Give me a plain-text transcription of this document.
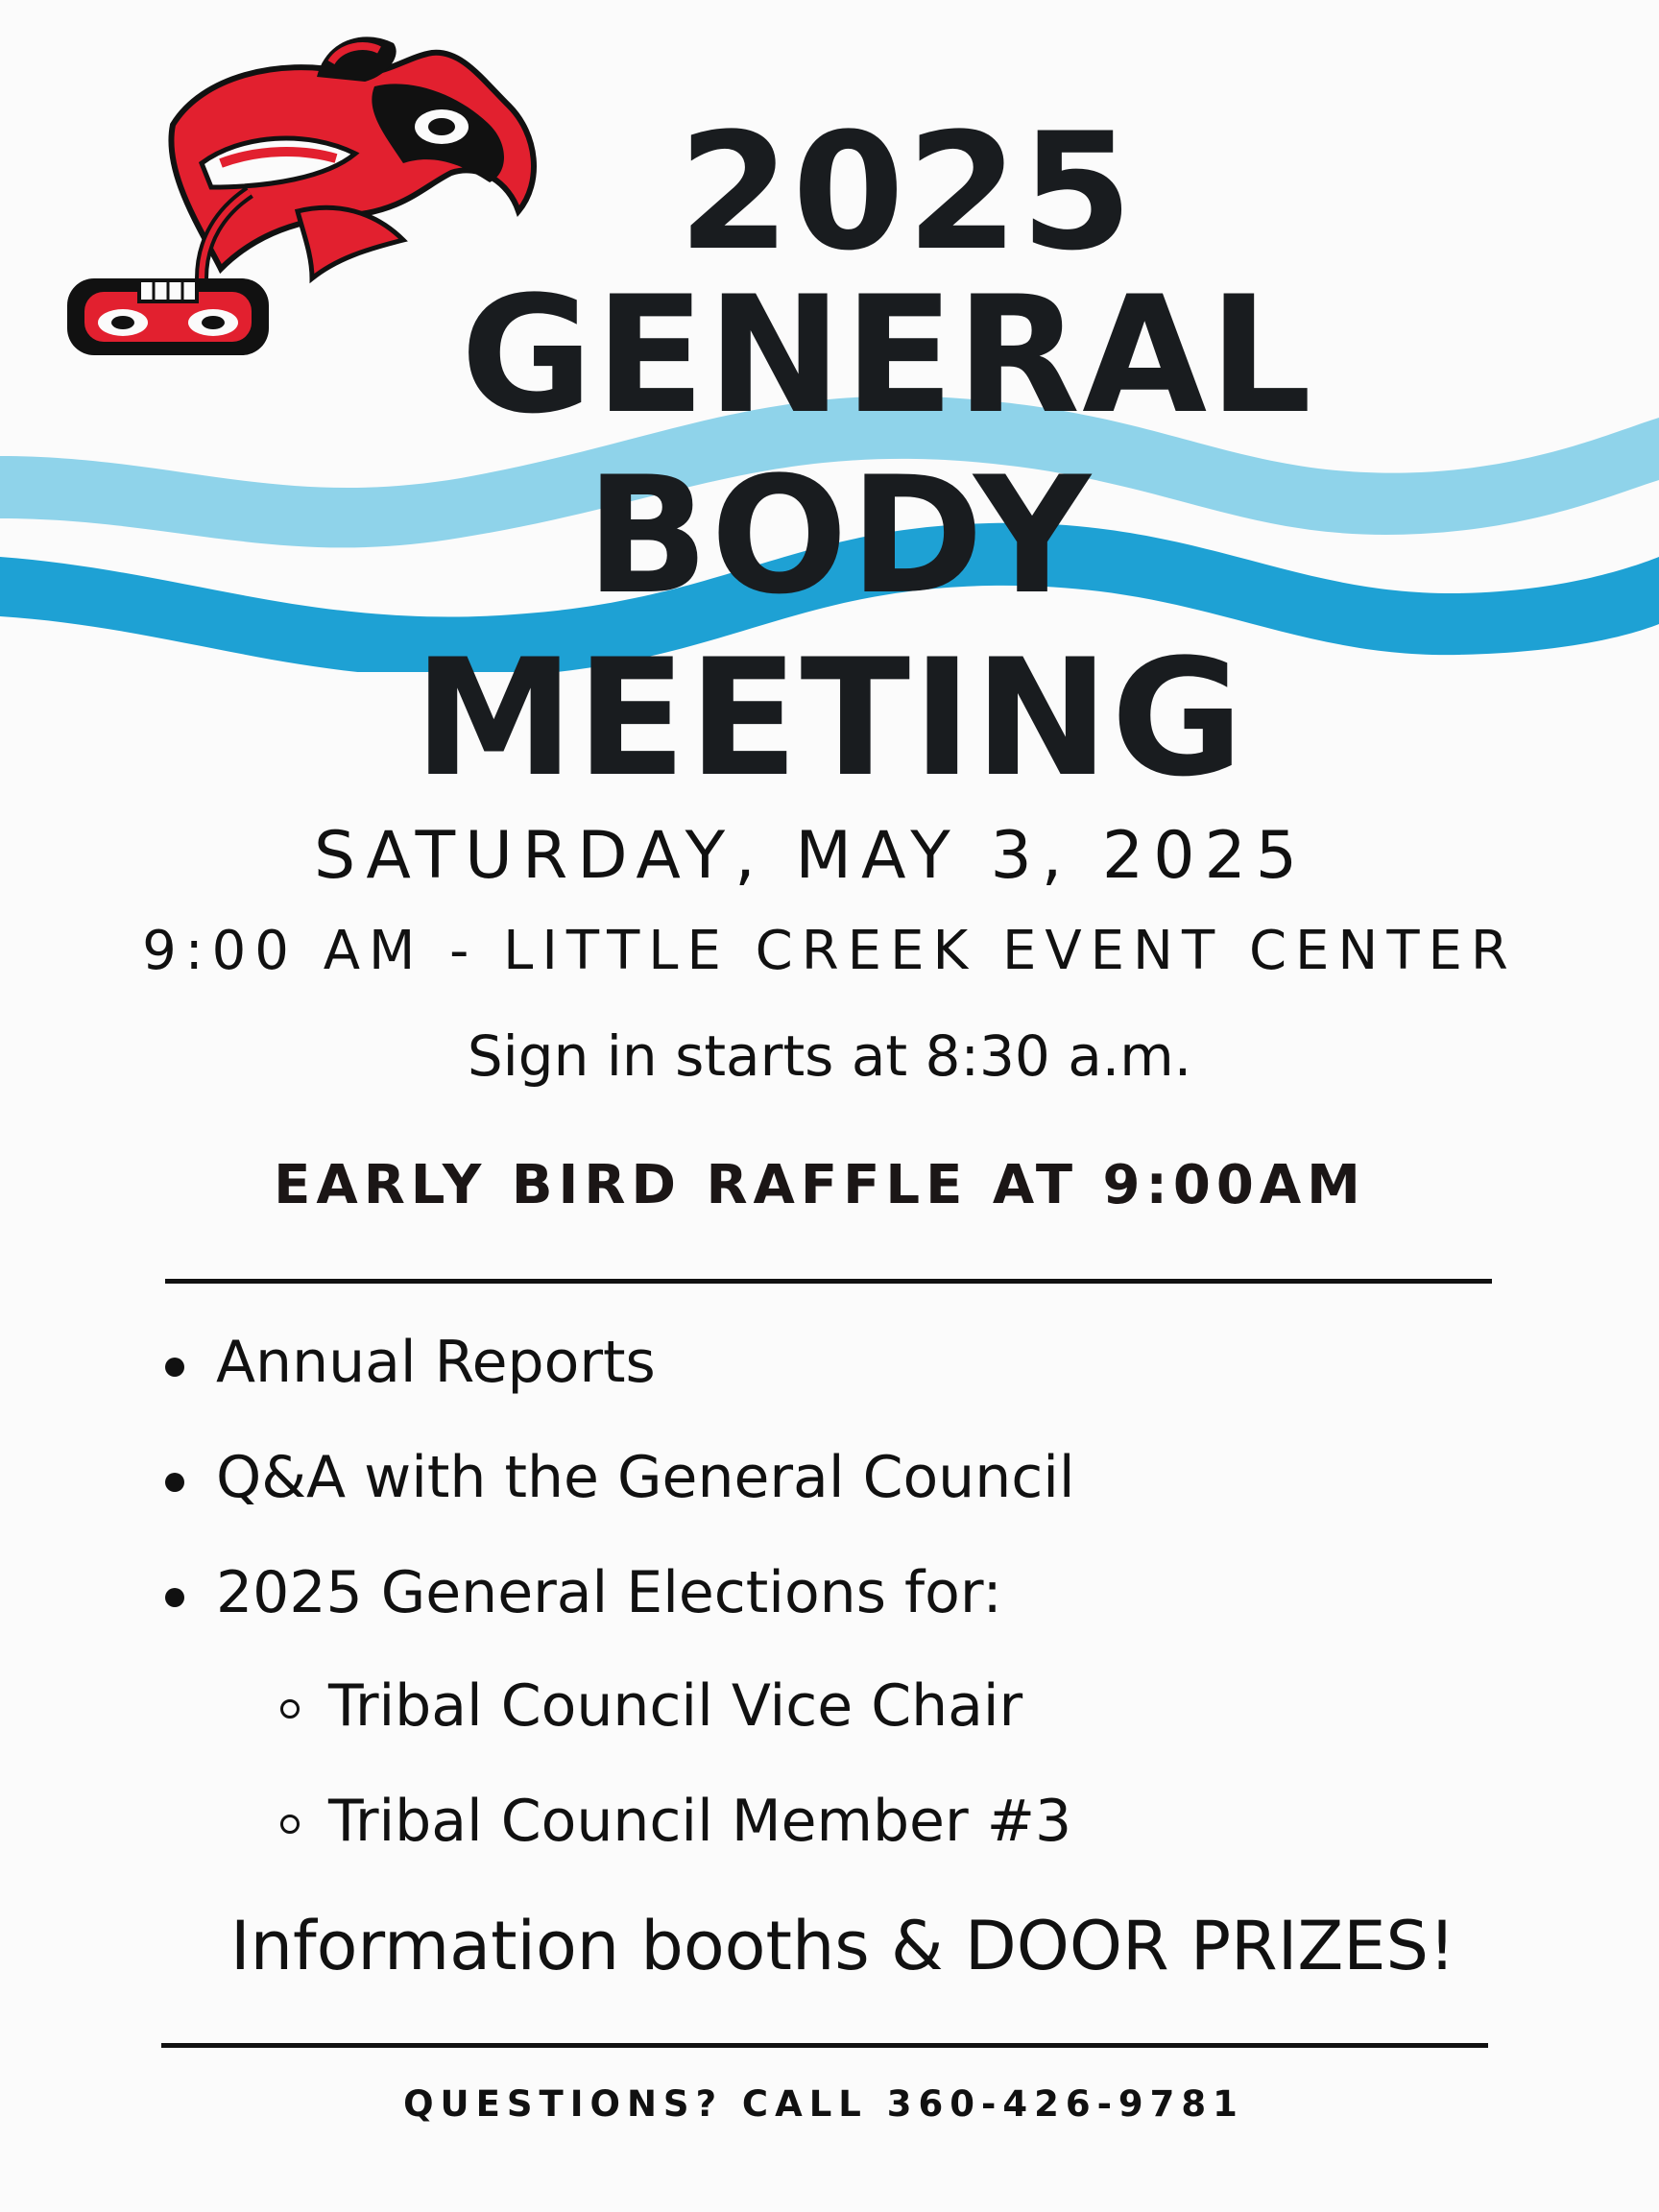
2025
GENERAL
BODY
MEETING
SATURDAY, MAY 3, 2025
9:00 AM - LITTLE CREEK EVENT CENTER
Sign in starts at 8:30 a.m.
EARLY BIRD RAFFLE AT 9:00AM
Annual Reports
Q&A with the General Council
2025 General Elections for:
Tribal Council Vice Chair
Tribal Council Member #3
Information booths & DOOR PRIZES!
QUESTIONS? CALL 360-426-9781
